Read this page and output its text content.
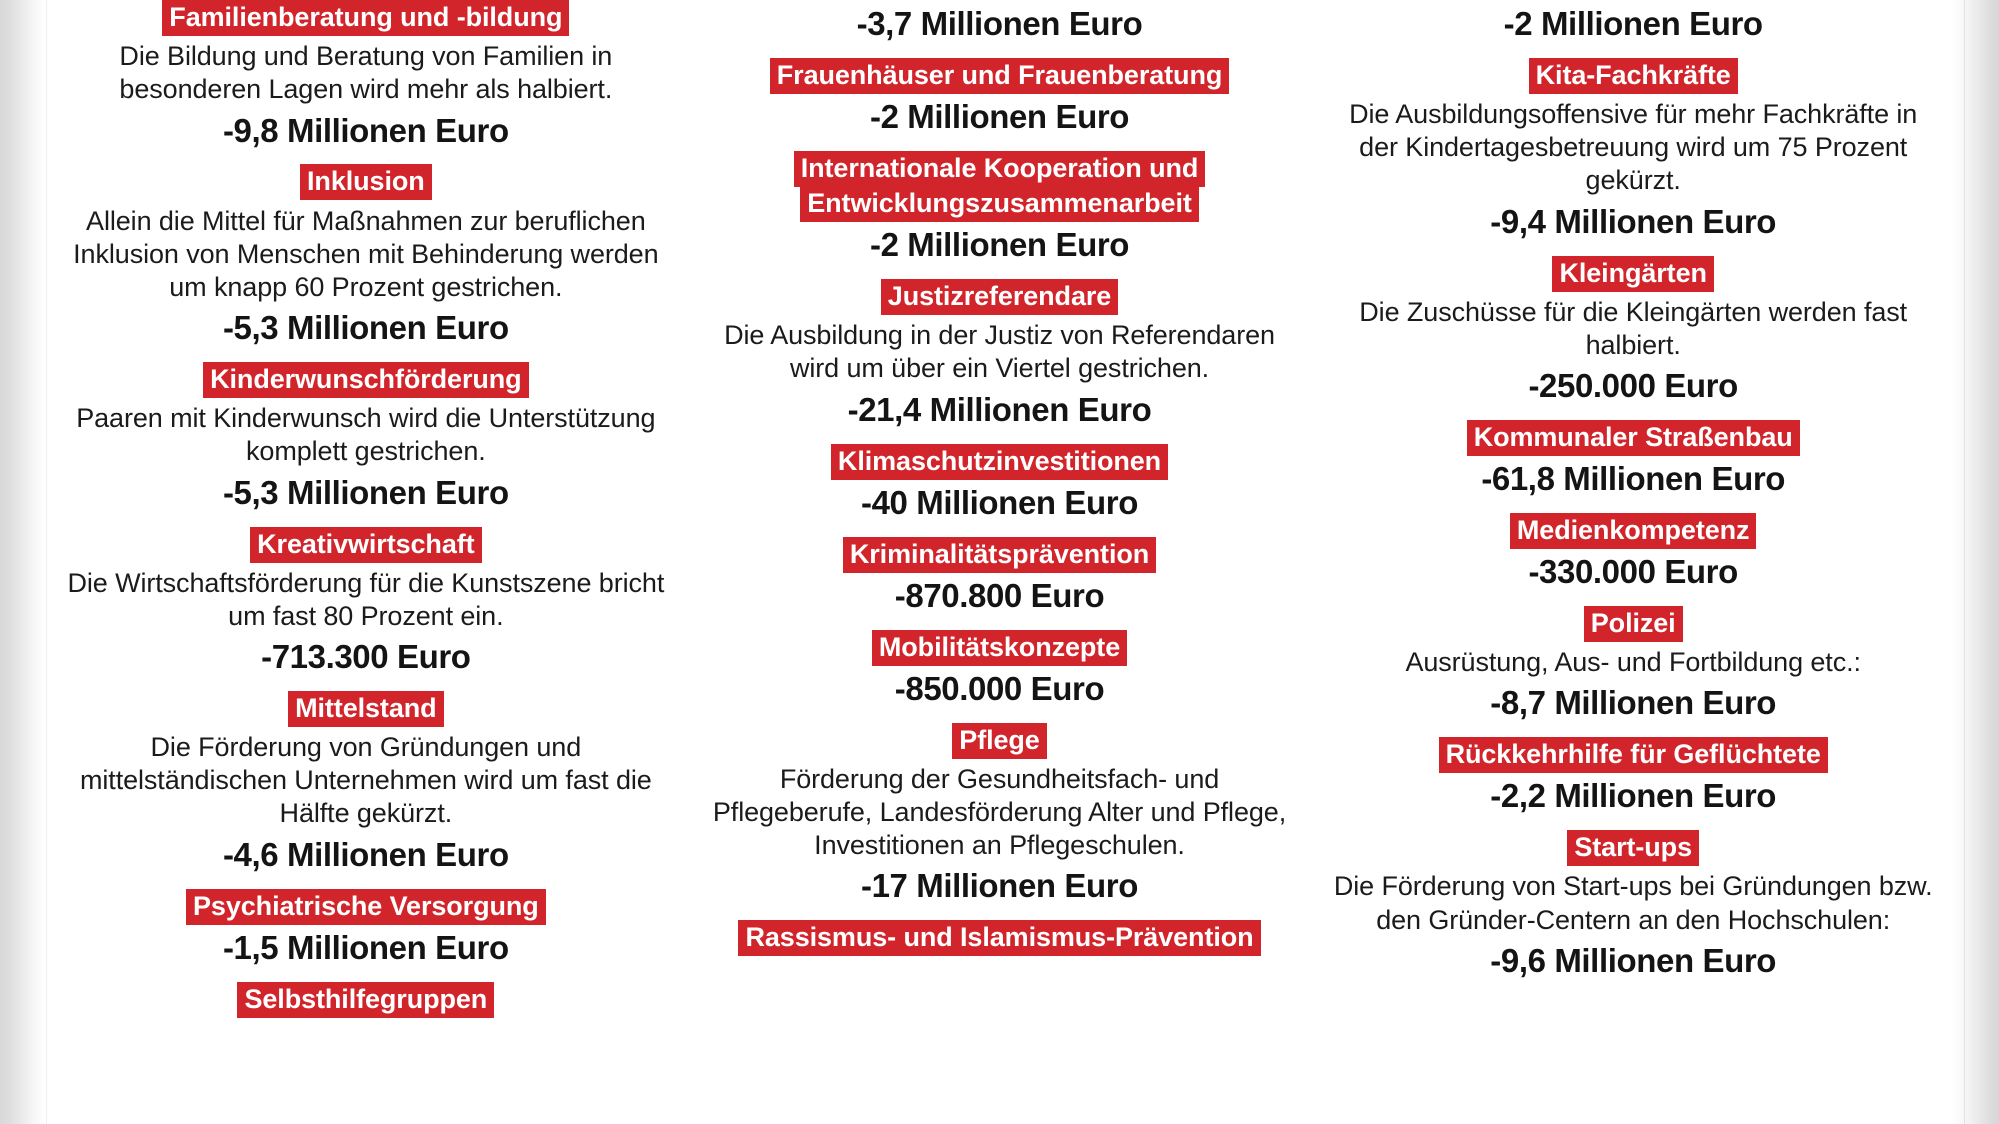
Familienberatung und -bildung
Die Bildung und Beratung von Familien in besonderen Lagen wird mehr als halbiert.
-9,8 Millionen Euro
Inklusion
Allein die Mittel für Maßnahmen zur beruflichen Inklusion von Menschen mit Behinderung werden um knapp 60 Prozent gestrichen.
-5,3 Millionen Euro
Kinderwunschförderung
Paaren mit Kinderwunsch wird die Unterstützung komplett gestrichen.
-5,3 Millionen Euro
Kreativwirtschaft
Die Wirtschaftsförderung für die Kunstszene bricht um fast 80 Prozent ein.
-713.300 Euro
Mittelstand
Die Förderung von Gründungen und mittelständischen Unternehmen wird um fast die Hälfte gekürzt.
-4,6 Millionen Euro
Psychiatrische Versorgung
-1,5 Millionen Euro
Selbsthilfegruppen
-3,7 Millionen Euro
Frauenhäuser und Frauenberatung
-2 Millionen Euro
Internationale Kooperation und Entwicklungszusammenarbeit
-2 Millionen Euro
Justizreferendare
Die Ausbildung in der Justiz von Referendaren wird um über ein Viertel gestrichen.
-21,4 Millionen Euro
Klimaschutzinvestitionen
-40 Millionen Euro
Kriminalitätsprävention
-870.800 Euro
Mobilitätskonzepte
-850.000 Euro
Pflege
Förderung der Gesundheitsfach- und Pflegeberufe, Landesförderung Alter und Pflege, Investitionen an Pflegeschulen.
-17 Millionen Euro
Rassismus- und Islamismus-Prävention
-2 Millionen Euro
Kita-Fachkräfte
Die Ausbildungsoffensive für mehr Fachkräfte in der Kindertagesbetreuung wird um 75 Prozent gekürzt.
-9,4 Millionen Euro
Kleingärten
Die Zuschüsse für die Kleingärten werden fast halbiert.
-250.000 Euro
Kommunaler Straßenbau
-61,8 Millionen Euro
Medienkompetenz
-330.000 Euro
Polizei
Ausrüstung, Aus- und Fortbildung etc.:
-8,7 Millionen Euro
Rückkehrhilfe für Geflüchtete
-2,2 Millionen Euro
Start-ups
Die Förderung von Start-ups bei Gründungen bzw. den Gründer-Centern an den Hochschulen:
-9,6 Millionen Euro
